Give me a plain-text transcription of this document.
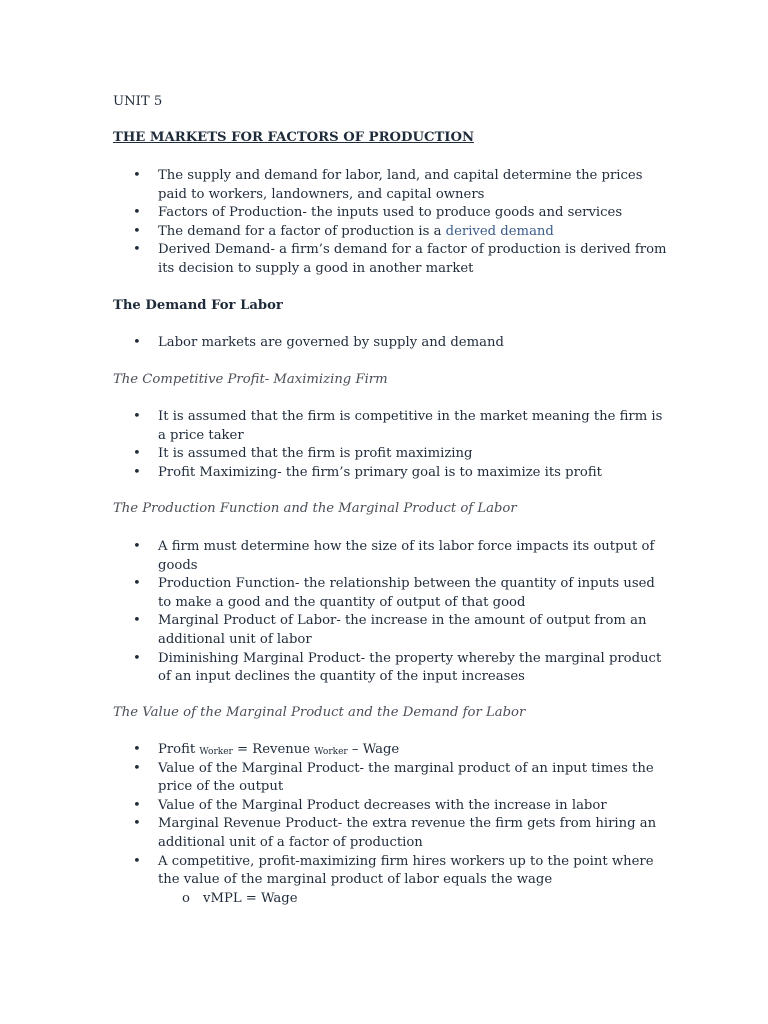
UNIT 5
THE MARKETS FOR FACTORS OF PRODUCTION
• The supply and demand for labor, land, and capital determine the prices paid to workers, landowners, and capital owners
• Factors of Production- the inputs used to produce goods and services
• The demand for a factor of production is a derived demand
• Derived Demand- a firm’s demand for a factor of production is derived from its decision to supply a good in another market
The Demand For Labor
• Labor markets are governed by supply and demand
The Competitive Profit- Maximizing Firm
• It is assumed that the firm is competitive in the market meaning the firm is a price taker
• It is assumed that the firm is profit maximizing
• Profit Maximizing- the firm’s primary goal is to maximize its profit
The Production Function and the Marginal Product of Labor
• A firm must determine how the size of its labor force impacts its output of goods
• Production Function- the relationship between the quantity of inputs used to make a good and the quantity of output of that good
• Marginal Product of Labor- the increase in the amount of output from an additional unit of labor
• Diminishing Marginal Product- the property whereby the marginal product of an input declines the quantity of the input increases
The Value of the Marginal Product and the Demand for Labor
• Profit $_{Worker}$ = Revenue $_{Worker}$ – Wage
• Value of the Marginal Product- the marginal product of an input times the price of the output
• Value of the Marginal Product decreases with the increase in labor
• Marginal Revenue Product- the extra revenue the firm gets from hiring an additional unit of a factor of production
• A competitive, profit-maximizing firm hires workers up to the point where the value of the marginal product of labor equals the wage
o vMPL = Wage
